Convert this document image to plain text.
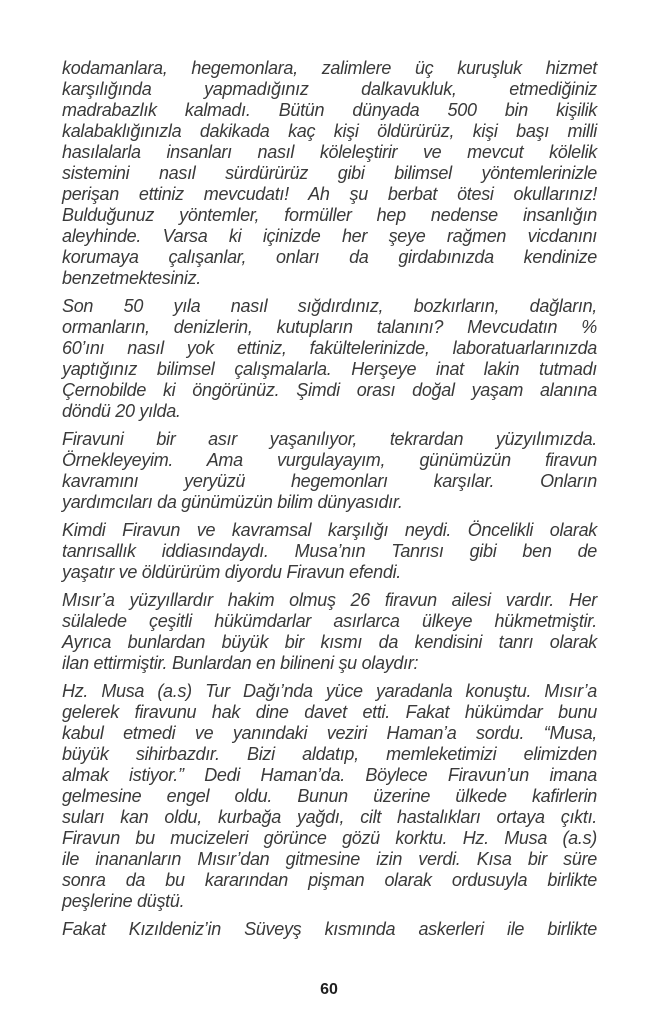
kodamanlara, hegemonlara, zalimlere üç kuruşluk hizmet
karşılığında yapmadığınız dalkavukluk, etmediğiniz
madrabazlık kalmadı. Bütün dünyada 500 bin kişilik
kalabaklığınızla dakikada kaç kişi öldürürüz, kişi başı milli
hasılalarla insanları nasıl köleleştirir ve mevcut kölelik
sistemini nasıl sürdürürüz gibi bilimsel yöntemlerinizle
perişan ettiniz mevcudatı! Ah şu berbat ötesi okullarınız!
Bulduğunuz yöntemler, formüller hep nedense insanlığın
aleyhinde. Varsa ki içinizde her şeye rağmen vicdanını
korumaya çalışanlar, onları da girdabınızda kendinize
benzetmektesiniz.
Son 50 yıla nasıl sığdırdınız, bozkırların, dağların,
ormanların, denizlerin, kutupların talanını? Mevcudatın %
60’ını nasıl yok ettiniz, fakültelerinizde, laboratuarlarınızda
yaptığınız bilimsel çalışmalarla. Herşeye inat lakin tutmadı
Çernobilde ki öngörünüz. Şimdi orası doğal yaşam alanına
döndü 20 yılda.
Firavuni bir asır yaşanılıyor, tekrardan yüzyılımızda.
Örnekleyeyim. Ama vurgulayayım, günümüzün firavun
kavramını yeryüzü hegemonları karşılar. Onların
yardımcıları da günümüzün bilim dünyasıdır.
Kimdi Firavun ve kavramsal karşılığı neydi. Öncelikli olarak
tanrısallık iddiasındaydı. Musa’nın Tanrısı gibi ben de
yaşatır ve öldürürüm diyordu Firavun efendi.
Mısır’a yüzyıllardır hakim olmuş 26 firavun ailesi vardır. Her
sülalede çeşitli hükümdarlar asırlarca ülkeye hükmetmiştir.
Ayrıca bunlardan büyük bir kısmı da kendisini tanrı olarak
ilan ettirmiştir. Bunlardan en bilineni şu olaydır:
Hz. Musa (a.s) Tur Dağı’nda yüce yaradanla konuştu. Mısır’a
gelerek firavunu hak dine davet etti. Fakat hükümdar bunu
kabul etmedi ve yanındaki veziri Haman’a sordu. “Musa,
büyük sihirbazdır. Bizi aldatıp, memleketimizi elimizden
almak istiyor.” Dedi Haman’da. Böylece Firavun’un imana
gelmesine engel oldu. Bunun üzerine ülkede kafirlerin
suları kan oldu, kurbağa yağdı, cilt hastalıkları ortaya çıktı.
Firavun bu mucizeleri görünce gözü korktu. Hz. Musa (a.s)
ile inananların Mısır’dan gitmesine izin verdi. Kısa bir süre
sonra da bu kararından pişman olarak ordusuyla birlikte
peşlerine düştü.
Fakat Kızıldeniz’in Süveyş kısmında askerleri ile birlikte
60
